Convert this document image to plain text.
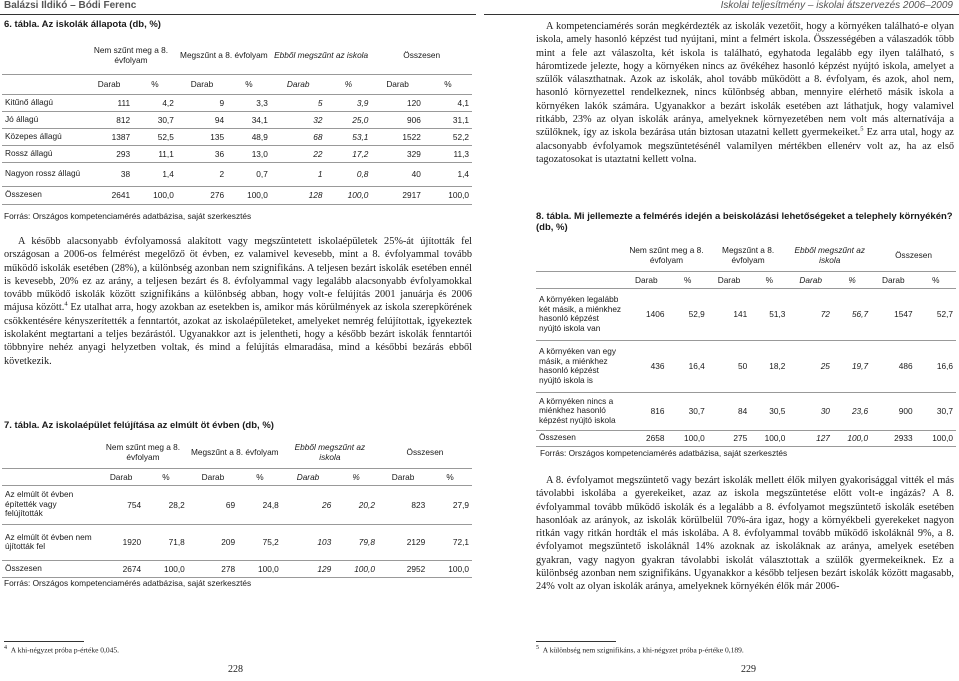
Balázsi Ildikó – Bódi Ferenc
6. tábla. Az iskolák állapota (db, %)
	Nem szűnt meg a 8. évfolyam		Megszűnt a 8. évfolyam		Ebből megszűnt az iskola		Összesen	
	Darab	%	Darab	%	Darab	%	Darab	%
Kitűnő állagú	111	4,2	9	3,3	5	3,9	120	4,1
Jó állagú	812	30,7	94	34,1	32	25,0	906	31,1
Közepes állagú	1387	52,5	135	48,9	68	53,1	1522	52,2
Rossz állagú	293	11,1	36	13,0	22	17,2	329	11,3
Nagyon rossz állagú	38	1,4	2	0,7	1	0,8	40	1,4
Összesen	2641	100,0	276	100,0	128	100,0	2917	100,0
Forrás: Országos kompetenciamérés adatbázisa, saját szerkesztés
A később alacsonyabb évfolyamossá alakított vagy megszüntetett iskolaépületek 25%-át újították fel országosan a 2006-os felmérést megelőző öt évben, ez valamivel kevesebb, mint a 8. évfolyammal tovább működő iskolák esetében (28%), a különbség azonban nem szignifikáns. A teljesen bezárt iskolák esetében ennél is kevesebb, 20% ez az arány, a teljesen bezárt és 8. évfolyammal vagy legalább alacsonyabb évfolyamokkal tovább működő iskolák között szignifikáns a különbség abban, hogy volt-e felújítás 2001 januárja és 2006 májusa között.$^4$ Ez utalhat arra, hogy azokban az esetekben is, amikor más körülmények az iskola szerepkörének csökkentésére kényszerítették a fenntartót, azokat az iskolaépületeket, amelyeket nemrég felújítottak, igyekeztek iskolaként megtartani a teljes bezárástól. Ugyanakkor azt is jelentheti, hogy a később bezárt iskolák fenntartói többnyire nehéz anyagi helyzetben voltak, és mind a felújítás elmaradása, mind a későbbi bezárás ebből következik.
7. tábla. Az iskolaépület felújítása az elmúlt öt évben (db, %)
	Nem szűnt meg a 8. évfolyam		Megszűnt a 8. évfolyam		Ebből megszűnt az iskola		Összesen	
	Darab	%	Darab	%	Darab	%	Darab	%
Az elmúlt öt évben építették vagy felújították	754	28,2	69	24,8	26	20,2	823	27,9
Az elmúlt öt évben nem újították fel	1920	71,8	209	75,2	103	79,8	2129	72,1
Összesen	2674	100,0	278	100,0	129	100,0	2952	100,0
Forrás: Országos kompetenciamérés adatbázisa, saját szerkesztés
$^4$ A khi-négyzet próba p-értéke 0,045.
228
Iskolai teljesítmény – iskolai átszervezés 2006–2009
A kompetenciamérés során megkérdezték az iskolák vezetőit, hogy a környéken található-e olyan iskola, amely hasonló képzést tud nyújtani, mint a felmért iskola. Összességében a válaszadók több mint a fele azt válaszolta, két iskola is található, egyhatoda legalább egy ilyen található, s háromtizede jelezte, hogy a környéken nincs az övékéhez hasonló képzést nyújtó iskola, amelyet a szülők választhatnak. Azok az iskolák, ahol tovább működött a 8. évfolyam, és azok, ahol nem, hasonló környezettel rendelkeznek, nincs különbség abban, mennyire elérhető másik iskola a környéken lakók számára. Ugyanakkor a bezárt iskolák esetében azt láthatjuk, hogy valamivel ritkább, 23% az olyan iskolák aránya, amelyeknek környezetében nem volt más alternatívája a szülőknek, így az iskola bezárása után biztosan utazatni kellett gyermekeiket.$^5$ Ez arra utal, hogy az alacsonyabb évfolyamok megszüntetésénél valamilyen mértékben ellenérv volt az, ha az első tagozatosokat is utaztatni kellett volna.
8. tábla. Mi jellemezte a felmérés idején a beiskolázási lehetőségeket a telephely környékén? (db, %)
	Nem szűnt meg a 8. évfolyam		Megszűnt a 8. évfolyam		Ebből megszűnt az iskola		Összesen	
	Darab	%	Darab	%	Darab	%	Darab	%
A környéken legalább két másik, a miénkhez hasonló képzést nyújtó iskola van	1406	52,9	141	51,3	72	56,7	1547	52,7
A környéken van egy másik, a miénkhez hasonló képzést nyújtó iskola is	436	16,4	50	18,2	25	19,7	486	16,6
A környéken nincs a miénkhez hasonló képzést nyújtó iskola	816	30,7	84	30,5	30	23,6	900	30,7
Összesen	2658	100,0	275	100,0	127	100,0	2933	100,0
Forrás: Országos kompetenciamérés adatbázisa, saját szerkesztés
A 8. évfolyamot megszüntető vagy bezárt iskolák mellett élők milyen gyakorisággal vitték el más távolabbi iskolába a gyerekeiket, azaz az iskola megszüntetése előtt volt-e ingázás? A 8. évfolyammal tovább működő iskolák és a legalább a 8. évfolyamot megszüntető iskolák esetében hasonlóak az arányok, az iskolák körülbelül 70%-ára igaz, hogy a környékbeli gyerekeket nagyon ritkán vagy ritkán hordták el más iskolába. A 8. évfolyammal tovább működő iskoláknál 9%, a 8. évfolyamot megszüntető iskoláknál 14% azoknak az iskoláknak az aránya, amelyek esetében gyakran, vagy nagyon gyakran távolabbi iskolát választottak a szülők gyermekeiknek. Ez a különbség azonban nem szignifikáns. Ugyanakkor a később teljesen bezárt iskolák között magasabb, 24% volt az olyan iskolák aránya, amelyeknek környékén élők már 2006-
$^5$ A különbség nem szignifikáns, a khi-négyzet próba p-értéke 0,189.
229
